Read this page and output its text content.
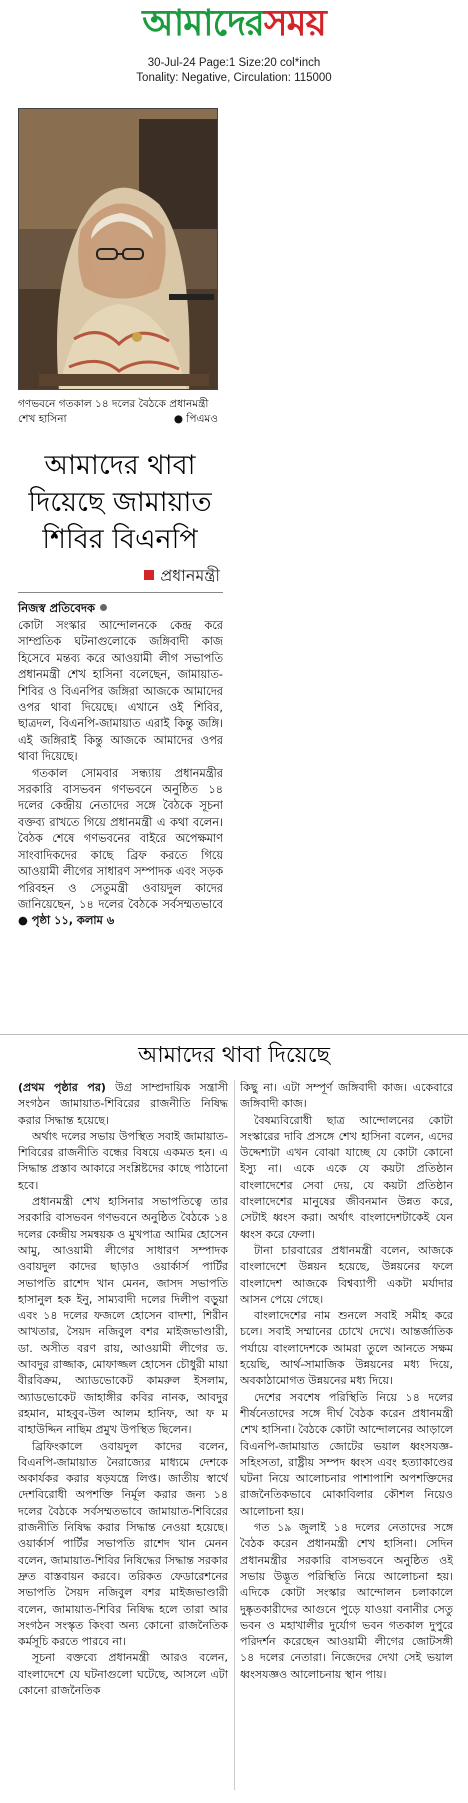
আমাদেরসময়
30-Jul-24 Page:1 Size:20 col*inch
Tonality: Negative, Circulation: 115000
গণভবনে গতকাল ১৪ দলের বৈঠকে প্রধানমন্ত্রী শেখ হাসিনা	● পিএমও
আমাদের থাবা
দিয়েছে জামায়াত
শিবির বিএনপি
প্রধানমন্ত্রী
নিজস্ব প্রতিবেদক

কোটা সংস্কার আন্দোলনকে কেন্দ্র করে সাম্প্রতিক ঘটনাগুলোকে জঙ্গিবাদী কাজ হিসেবে মন্তব্য করে আওয়ামী লীগ সভাপতি প্রধানমন্ত্রী শেখ হাসিনা বলেছেন, জামায়াত-শিবির ও বিএনপির জঙ্গিরা আজকে আমাদের ওপর থাবা দিয়েছে। এখানে ওই শিবির, ছাত্রদল, বিএনপি-জামায়াত এরাই কিন্তু জঙ্গি। এই জঙ্গিরাই কিন্তু আজকে আমাদের ওপর থাবা দিয়েছে।

গতকাল সোমবার সন্ধ্যায় প্রধানমন্ত্রীর সরকারি বাসভবন গণভবনে অনুষ্ঠিত ১৪ দলের কেন্দ্রীয় নেতাদের সঙ্গে বৈঠকে সূচনা বক্তব্য রাখতে গিয়ে প্রধানমন্ত্রী এ কথা বলেন। বৈঠক শেষে গণভবনের বাইরে অপেক্ষমাণ সাংবাদিকদের কাছে ব্রিফ করতে গিয়ে আওয়ামী লীগের সাধারণ সম্পাদক এবং সড়ক পরিবহন ও সেতুমন্ত্রী ওবায়দুল কাদের জানিয়েছেন, ১৪ দলের বৈঠকে সর্বসম্মতভাবে ● পৃষ্ঠা ১১, কলাম ৬

আমাদের থাবা দিয়েছে

(প্রথম পৃষ্ঠার পর) উগ্র সাম্প্রদায়িক সন্ত্রাসী সংগঠন জামায়াত-শিবিরের রাজনীতি নিষিদ্ধ করার সিদ্ধান্ত হয়েছে।

অর্থাৎ দলের সভায় উপস্থিত সবাই জামায়াত-শিবিরের রাজনীতি বন্ধের বিষয়ে একমত হন। এ সিদ্ধান্ত প্রস্তাব আকারে সংশ্লিষ্টদের কাছে পাঠানো হবে।

প্রধানমন্ত্রী শেখ হাসিনার সভাপতিত্বে তার সরকারি বাসভবন গণভবনে অনুষ্ঠিত বৈঠকে ১৪ দলের কেন্দ্রীয় সমন্বয়ক ও মুখপাত্র আমির হোসেন আমু, আওয়ামী লীগের সাধারণ সম্পাদক ওবায়দুল কাদের ছাড়াও ওয়ার্কার্স পার্টির সভাপতি রাশেদ খান মেনন, জাসদ সভাপতি হাসানুল হক ইনু, সাম্যবাদী দলের দিলীপ বড়ুয়া এবং ১৪ দলের ফজলে হোসেন বাদশা, শিরীন আখতার, সৈয়দ নজিবুল বশর মাইজভাণ্ডারী, ডা. অসীত বরণ রায়, আওয়ামী লীগের ড. আবদুর রাজ্জাক, মোফাজ্জল হোসেন চৌধুরী মায়া বীরবিক্রম, অ্যাডভোকেট কামরুল ইসলাম, অ্যাডভোকেট জাহাঙ্গীর কবির নানক, আবদুর রহমান, মাহবুব-উল আলম হানিফ, আ ফ ম বাহাউদ্দিন নাছিম প্রমুখ উপস্থিত ছিলেন।

ব্রিফিংকালে ওবায়দুল কাদের বলেন, বিএনপি-জামায়াত নৈরাজ্যের মাধ্যমে দেশকে অকার্যকর করার ষড়যন্ত্রে লিপ্ত। জাতীয় স্বার্থে দেশবিরোধী অপশক্তি নির্মূল করার জন্য ১৪ দলের বৈঠকে সর্বসম্মতভাবে জামায়াত-শিবিরের রাজনীতি নিষিদ্ধ করার সিদ্ধান্ত নেওয়া হয়েছে। ওয়ার্কার্স পার্টির সভাপতি রাশেদ খান মেনন বলেন, জামায়াত-শিবির নিষিদ্ধের সিদ্ধান্ত সরকার দ্রুত বাস্তবায়ন করবে। তরিকত ফেডারেশনের সভাপতি সৈয়দ নজিবুল বশর মাইজভাণ্ডারী বলেন, জামায়াত-শিবির নিষিদ্ধ হলে তারা আর সংগঠন সংস্কৃত কিংবা অন্য কোনো রাজনৈতিক কর্মসূচি করতে পারবে না।

সূচনা বক্তব্যে প্রধানমন্ত্রী আরও বলেন, বাংলাদেশে যে ঘটনাগুলো ঘটেছে, আসলে এটা কোনো রাজনৈতিক

কিছু না। এটা সম্পূর্ণ জঙ্গিবাদী কাজ। একেবারে জঙ্গিবাদী কাজ।

বৈষম্যবিরোধী ছাত্র আন্দোলনের কোটা সংস্কারের দাবি প্রসঙ্গে শেখ হাসিনা বলেন, এদের উদ্দেশ্যটা এখন বোঝা যাচ্ছে যে কোটা কোনো ইস্যু না। একে একে যে কয়টা প্রতিষ্ঠান বাংলাদেশের সেবা দেয়, যে কয়টা প্রতিষ্ঠান বাংলাদেশের মানুষের জীবনমান উন্নত করে, সেটাই ধ্বংস করা। অর্থাৎ বাংলাদেশটাকেই যেন ধ্বংস করে ফেলা।

টানা চারবারের প্রধানমন্ত্রী বলেন, আজকে বাংলাদেশে উন্নয়ন হয়েছে, উন্নয়নের ফলে বাংলাদেশ আজকে বিশ্বব্যাপী একটা মর্যাদার আসন পেয়ে গেছে।

বাংলাদেশের নাম শুনলে সবাই সমীহ করে চলে। সবাই সম্মানের চোখে দেখে। আন্তর্জাতিক পর্যায়ে বাংলাদেশকে আমরা তুলে আনতে সক্ষম হয়েছি, আর্থ-সামাজিক উন্নয়নের মধ্য দিয়ে, অবকাঠামোগত উন্নয়নের মধ্য দিয়ে।

দেশের সবশেষ পরিস্থিতি নিয়ে ১৪ দলের শীর্ষনেতাদের সঙ্গে দীর্ঘ বৈঠক করেন প্রধানমন্ত্রী শেখ হাসিনা। বৈঠকে কোটা আন্দোলনের আড়ালে বিএনপি-জামায়াত জোটের ভয়াল ধ্বংসযজ্ঞ-সহিংসতা, রাষ্ট্রীয় সম্পদ ধ্বংস এবং হত্যাকাণ্ডের ঘটনা নিয়ে আলোচনার পাশাপাশি অপশক্তিদের রাজনৈতিকভাবে মোকাবিলার কৌশল নিয়েও আলোচনা হয়।

গত ১৯ জুলাই ১৪ দলের নেতাদের সঙ্গে বৈঠক করেন প্রধানমন্ত্রী শেখ হাসিনা। সেদিন প্রধানমন্ত্রীর সরকারি বাসভবনে অনুষ্ঠিত ওই সভায় উদ্ভূত পরিস্থিতি নিয়ে আলোচনা হয়। এদিকে কোটা সংস্কার আন্দোলন চলাকালে দুষ্কৃতকারীদের আগুনে পুড়ে যাওয়া বনানীর সেতু ভবন ও মহাখালীর দুর্যোগ ভবন গতকাল দুপুরে পরিদর্শন করেছেন আওয়ামী লীগের জোটসঙ্গী ১৪ দলের নেতারা। নিজেদের দেখা সেই ভয়াল ধ্বংসযজ্ঞও আলোচনায় স্থান পায়।
